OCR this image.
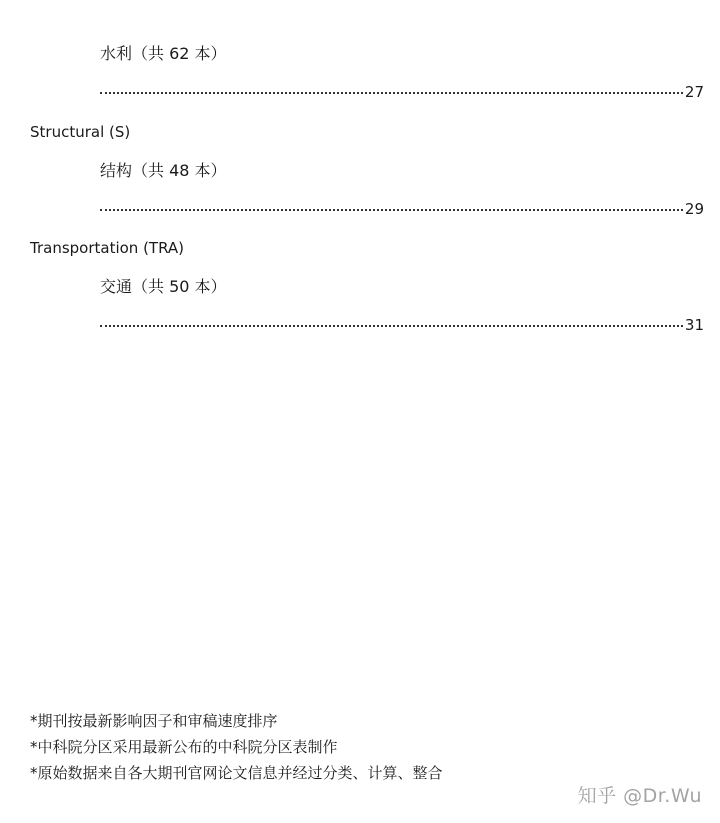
水利（共 62 本）
27
Structural (S)
结构（共 48 本）
29
Transportation (TRA)
交通（共 50 本）
31
*期刊按最新影响因子和审稿速度排序
*中科院分区采用最新公布的中科院分区表制作
*原始数据来自各大期刊官网论文信息并经过分类、计算、整合
知乎 @Dr.Wu
